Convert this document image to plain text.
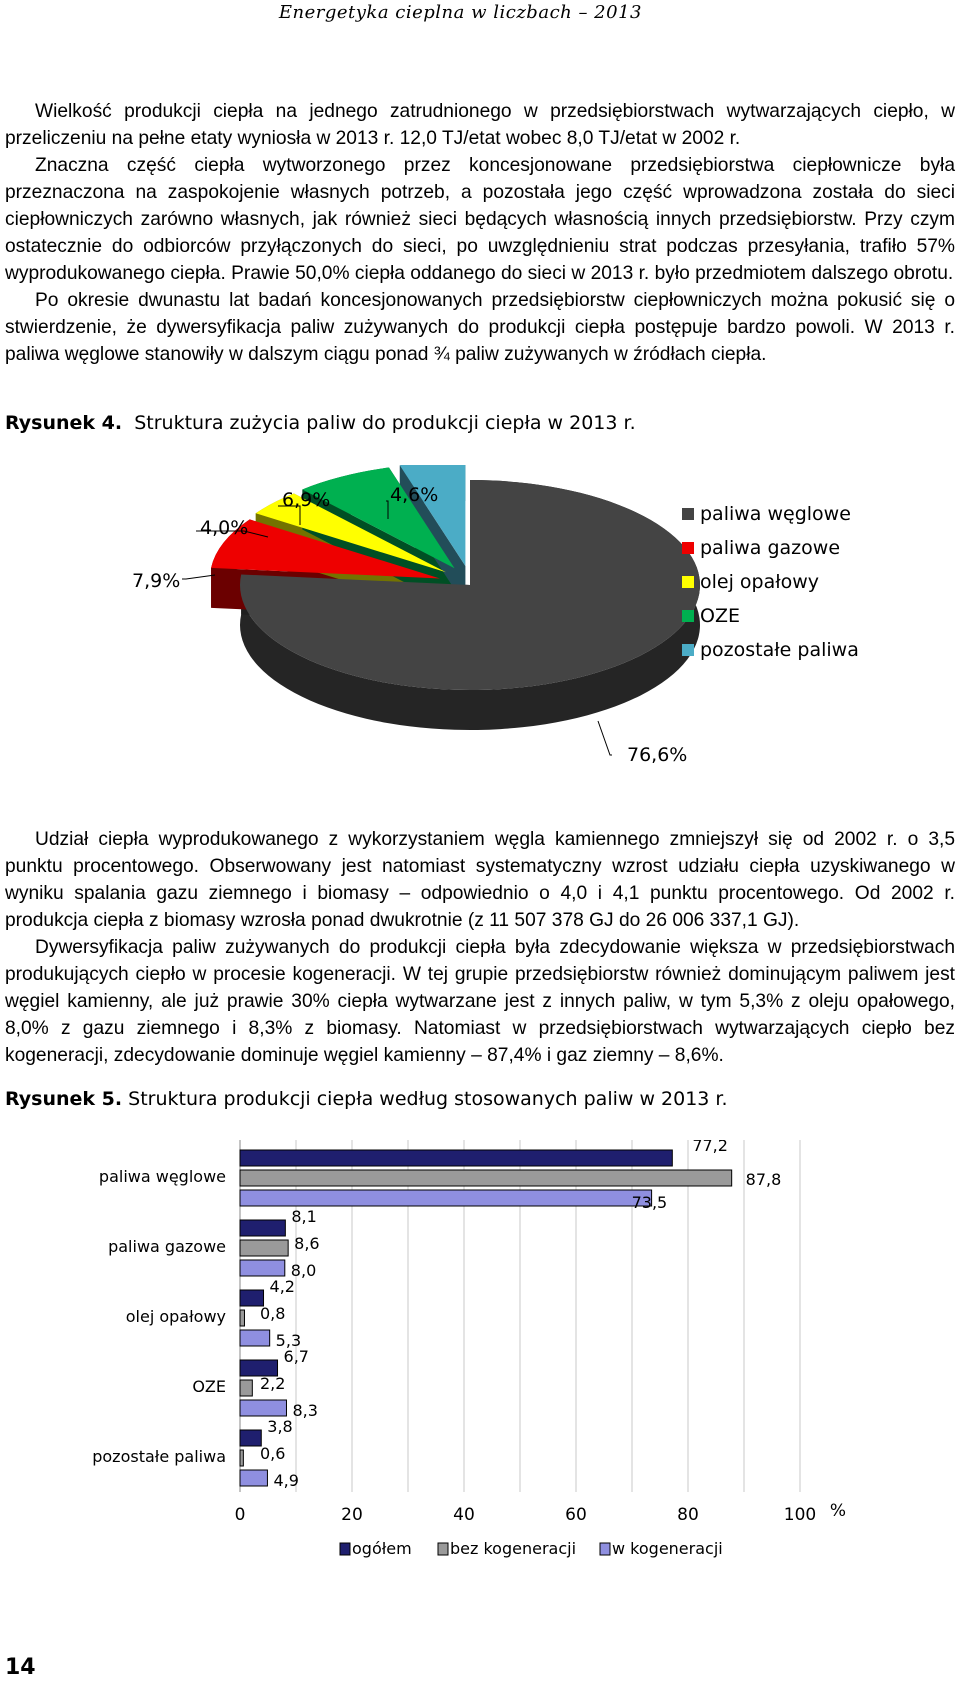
Energetyka cieplna w liczbach – 2013

Wielkość produkcji ciepła na jednego zatrudnionego w przedsiębiorstwach wytwarzających ciepło, w przeliczeniu na pełne etaty wyniosła w 2013 r. 12,0 TJ/etat wobec 8,0 TJ/etat w 2002 r.

Znaczna część ciepła wytworzonego przez koncesjonowane przedsiębiorstwa ciepłownicze była przeznaczona na zaspokojenie własnych potrzeb, a pozostała jego część wprowadzona została do sieci ciepłowniczych zarówno własnych, jak również sieci będących własnością innych przedsiębiorstw. Przy czym ostatecznie do odbiorców przyłączonych do sieci, po uwzględnieniu strat podczas przesyłania, trafiło 57% wyprodukowanego ciepła. Prawie 50,0% ciepła oddanego do sieci w 2013 r. było przedmiotem dalszego obrotu.

Po okresie dwunastu lat badań koncesjonowanych przedsiębiorstw ciepłowniczych można pokusić się o stwierdzenie, że dywersyfikacja paliw zużywanych do produkcji ciepła postępuje bardzo powoli. W 2013 r. paliwa węglowe stanowiły w dalszym ciągu ponad ¾ paliw zużywanych w źródłach ciepła.

Rysunek 4. Struktura zużycia paliw do produkcji ciepła w 2013 r.
76,6%
7,9%
4,0%
6,9%	4,6%
paliwa węglowe
paliwa gazowe
olej opałowy
OZE
pozostałe paliwa

Udział ciepła wyprodukowanego z wykorzystaniem węgla kamiennego zmniejszył się od 2002 r. o 3,5 punktu procentowego. Obserwowany jest natomiast systematyczny wzrost udziału ciepła uzyskiwanego w wyniku spalania gazu ziemnego i biomasy – odpowiednio o 4,0 i 4,1 punktu procentowego. Od 2002 r. produkcja ciepła z biomasy wzrosła ponad dwukrotnie (z 11 507 378 GJ do 26 006 337,1 GJ).

Dywersyfikacja paliw zużywanych do produkcji ciepła była zdecydowanie większa w przedsiębiorstwach produkujących ciepło w procesie kogeneracji. W tej grupie przedsiębiorstw również dominującym paliwem jest węgiel kamienny, ale już prawie 30% ciepła wytwarzane jest z innych paliw, w tym 5,3% z oleju opałowego, 8,0% z gazu ziemnego i 8,3% z biomasy. Natomiast w przedsiębiorstwach wytwarzających ciepło bez kogeneracji, zdecydowanie dominuje węgiel kamienny – 87,4% i gaz ziemny – 8,6%.

Rysunek 5. Struktura produkcji ciepła według stosowanych paliw w 2013 r.
0	20	40	60	80	100 %
77,2
87,8
73,5
8,1
8,6
8,0
4,2
0,8
5,3
6,7
2,2
8,3
3,8
0,6
4,9
paliwa węglowe
paliwa gazowe
olej opałowy
OZE
pozostałe paliwa
ogółem bez kogeneracji w kogeneracji
14
